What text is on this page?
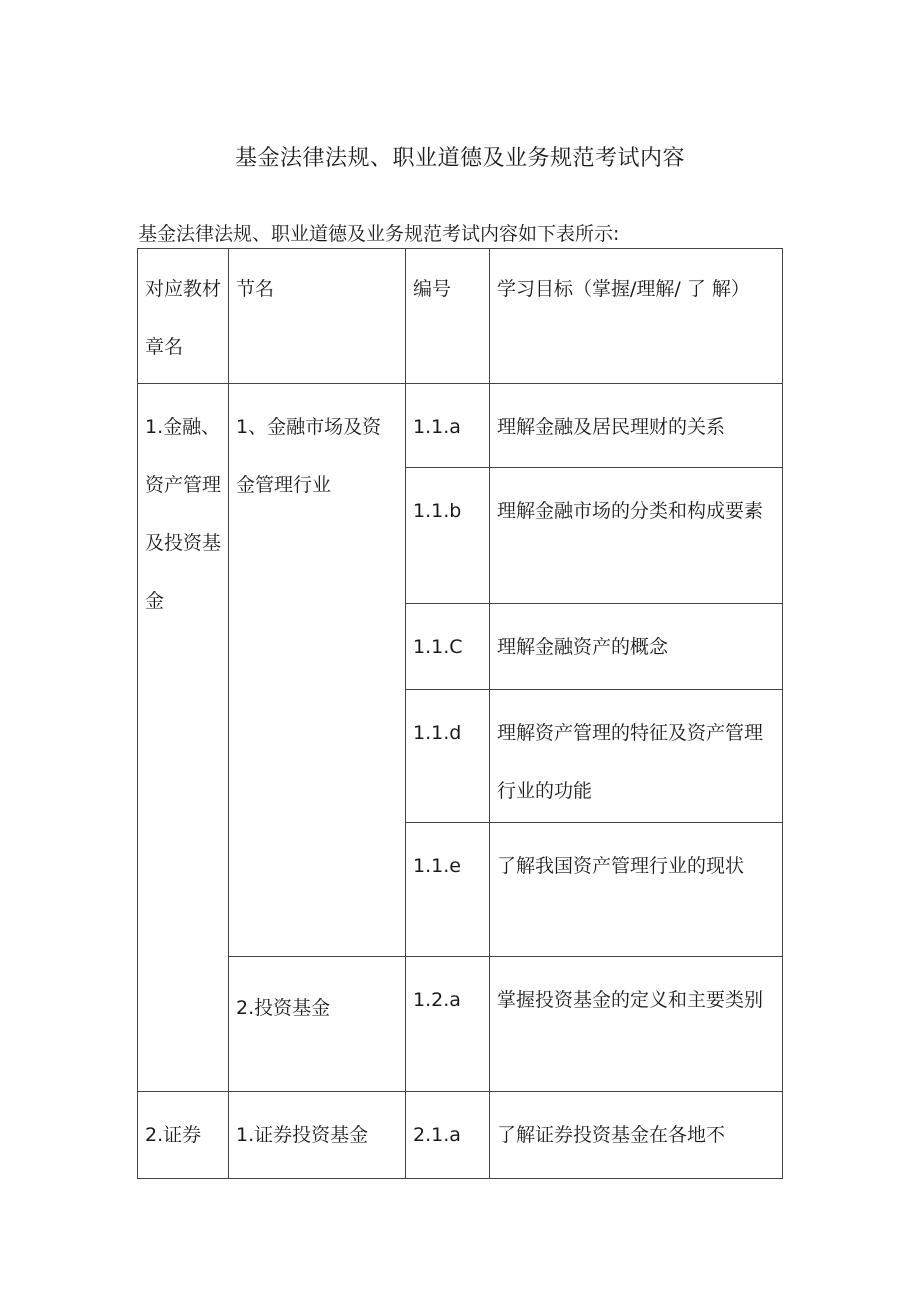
基金法律法规、职业道德及业务规范考试内容
基金法律法规、职业道德及业务规范考试内容如下表所示:
对应教材章名	节名	编号	学习目标（掌握/理解/ 了 解）

1.金融、资产管理及投资基金	1、金融市场及资金管理行业	1.1.a	理解金融及居民理财的关系

		1.1.b	理解金融市场的分类和构成要素

		1.1.C	理解金融资产的概念

		1.1.d	理解资产管理的特征及资产管理行业的功能

		1.1.e	了解我国资产管理行业的现状

	2.投资基金	1.2.a	掌握投资基金的定义和主要类别

2.证券	1.证券投资基金	2.1.a	了解证券投资基金在各地不
